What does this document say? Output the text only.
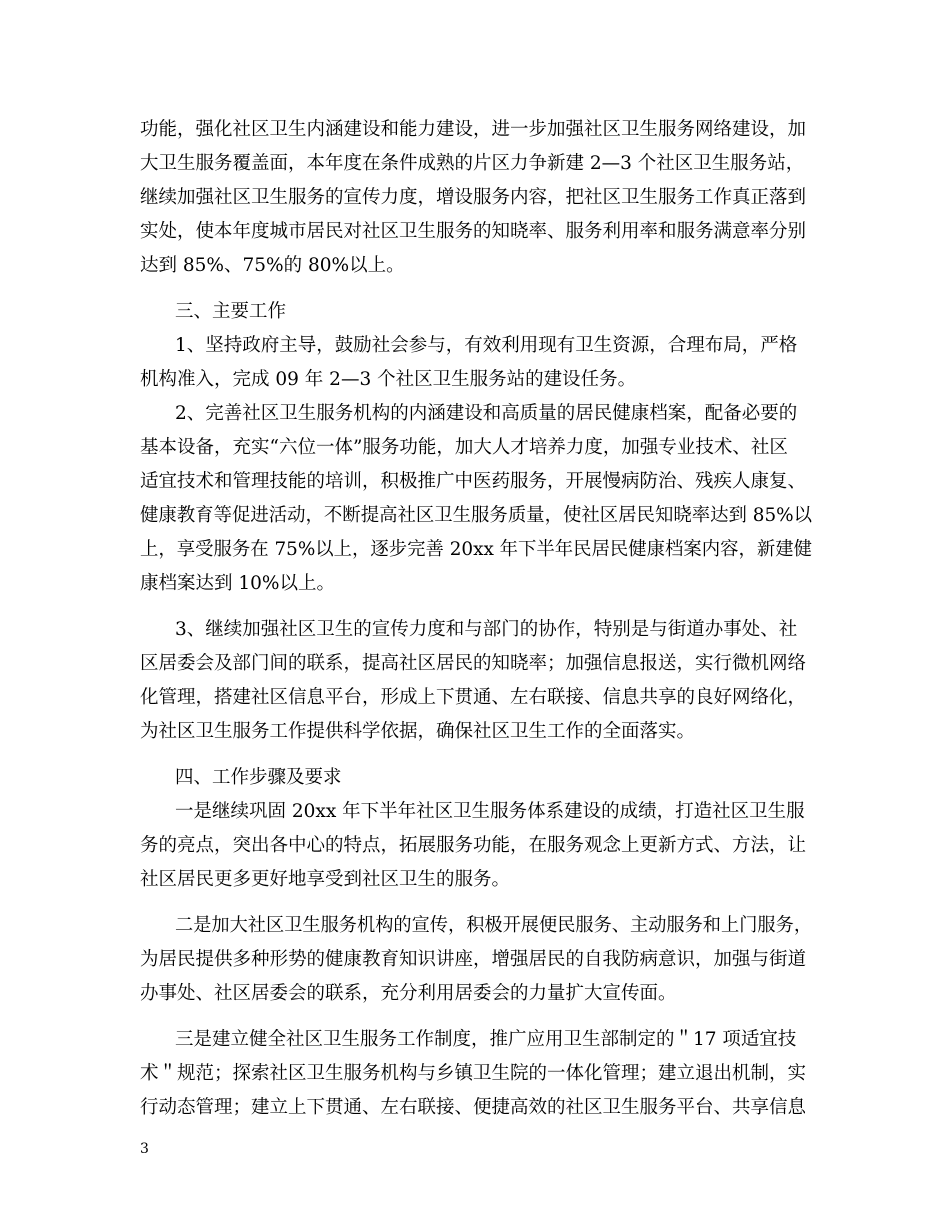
功能，强化社区卫生内涵建设和能力建设，进一步加强社区卫生服务网络建设，加
大卫生服务覆盖面，本年度在条件成熟的片区力争新建 2—3 个社区卫生服务站，
继续加强社区卫生服务的宣传力度，增设服务内容，把社区卫生服务工作真正落到
实处，使本年度城市居民对社区卫生服务的知晓率、服务利用率和服务满意率分别
达到 85%、75%的 80%以上。
三、主要工作
1、坚持政府主导，鼓励社会参与，有效利用现有卫生资源，合理布局，严格
机构准入，完成 09 年 2—3 个社区卫生服务站的建设任务。
2、完善社区卫生服务机构的内涵建设和高质量的居民健康档案，配备必要的
基本设备，充实“六位一体”服务功能，加大人才培养力度，加强专业技术、社区
适宜技术和管理技能的培训，积极推广中医药服务，开展慢病防治、残疾人康复、
健康教育等促进活动，不断提高社区卫生服务质量，使社区居民知晓率达到 85%以
上，享受服务在 75%以上，逐步完善 20xx 年下半年民居民健康档案内容，新建健
康档案达到 10%以上。
3、继续加强社区卫生的宣传力度和与部门的协作，特别是与街道办事处、社
区居委会及部门间的联系，提高社区居民的知晓率；加强信息报送，实行微机网络
化管理，搭建社区信息平台，形成上下贯通、左右联接、信息共享的良好网络化，
为社区卫生服务工作提供科学依据，确保社区卫生工作的全面落实。
四、工作步骤及要求
一是继续巩固 20xx 年下半年社区卫生服务体系建设的成绩，打造社区卫生服
务的亮点，突出各中心的特点，拓展服务功能，在服务观念上更新方式、方法，让
社区居民更多更好地享受到社区卫生的服务。
二是加大社区卫生服务机构的宣传，积极开展便民服务、主动服务和上门服务，
为居民提供多种形势的健康教育知识讲座，增强居民的自我防病意识，加强与街道
办事处、社区居委会的联系，充分利用居委会的力量扩大宣传面。
三是建立健全社区卫生服务工作制度，推广应用卫生部制定的＂17 项适宜技
术＂规范；探索社区卫生服务机构与乡镇卫生院的一体化管理；建立退出机制，实
行动态管理；建立上下贯通、左右联接、便捷高效的社区卫生服务平台、共享信息
3
